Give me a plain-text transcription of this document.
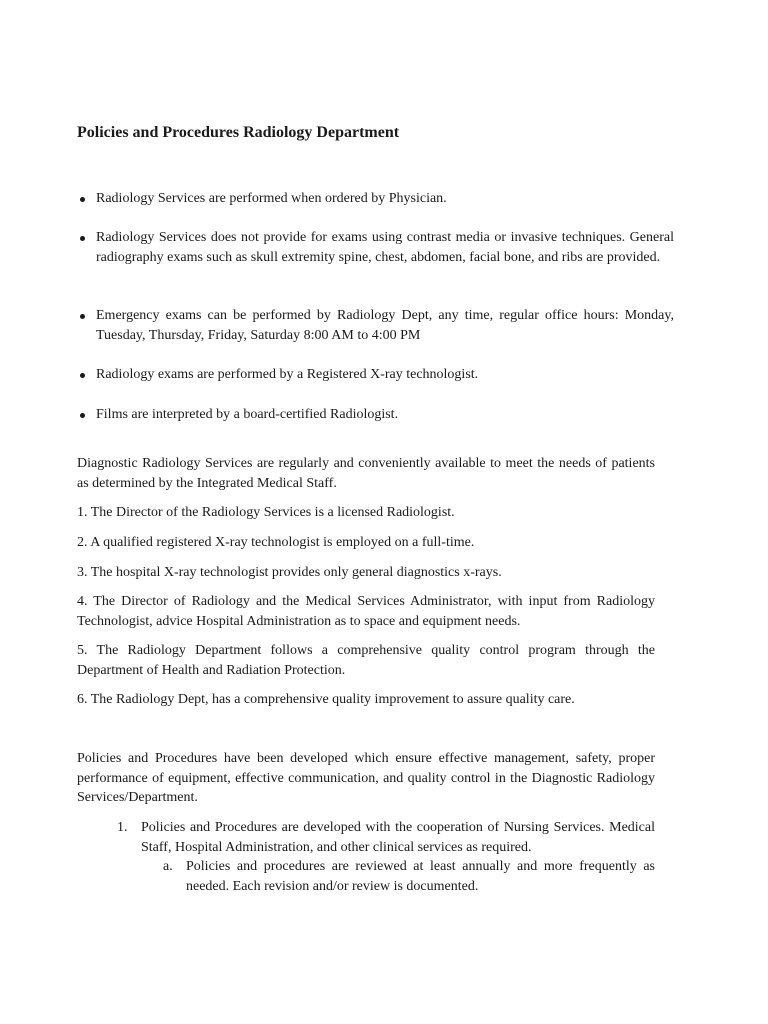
Policies and Procedures Radiology Department
Radiology Services are performed when ordered by Physician.
Radiology Services does not provide for exams using contrast media or invasive techniques. General radiography exams such as skull extremity spine, chest, abdomen, facial bone, and ribs are provided.
Emergency exams can be performed by Radiology Dept, any time, regular office hours: Monday, Tuesday, Thursday, Friday, Saturday 8:00 AM to 4:00 PM
Radiology exams are performed by a Registered X-ray technologist.
Films are interpreted by a board-certified Radiologist.
Diagnostic Radiology Services are regularly and conveniently available to meet the needs of patients as determined by the Integrated Medical Staff.
1. The Director of the Radiology Services is a licensed Radiologist.
2. A qualified registered X-ray technologist is employed on a full-time.
3. The hospital X-ray technologist provides only general diagnostics x-rays.
4. The Director of Radiology and the Medical Services Administrator, with input from Radiology Technologist, advice Hospital Administration as to space and equipment needs.
5. The Radiology Department follows a comprehensive quality control program through the Department of Health and Radiation Protection.
6. The Radiology Dept, has a comprehensive quality improvement to assure quality care.
Policies and Procedures have been developed which ensure effective management, safety, proper performance of equipment, effective communication, and quality control in the Diagnostic Radiology Services/Department.
1. Policies and Procedures are developed with the cooperation of Nursing Services. Medical Staff, Hospital Administration, and other clinical services as required.
a. Policies and procedures are reviewed at least annually and more frequently as needed. Each revision and/or review is documented.
